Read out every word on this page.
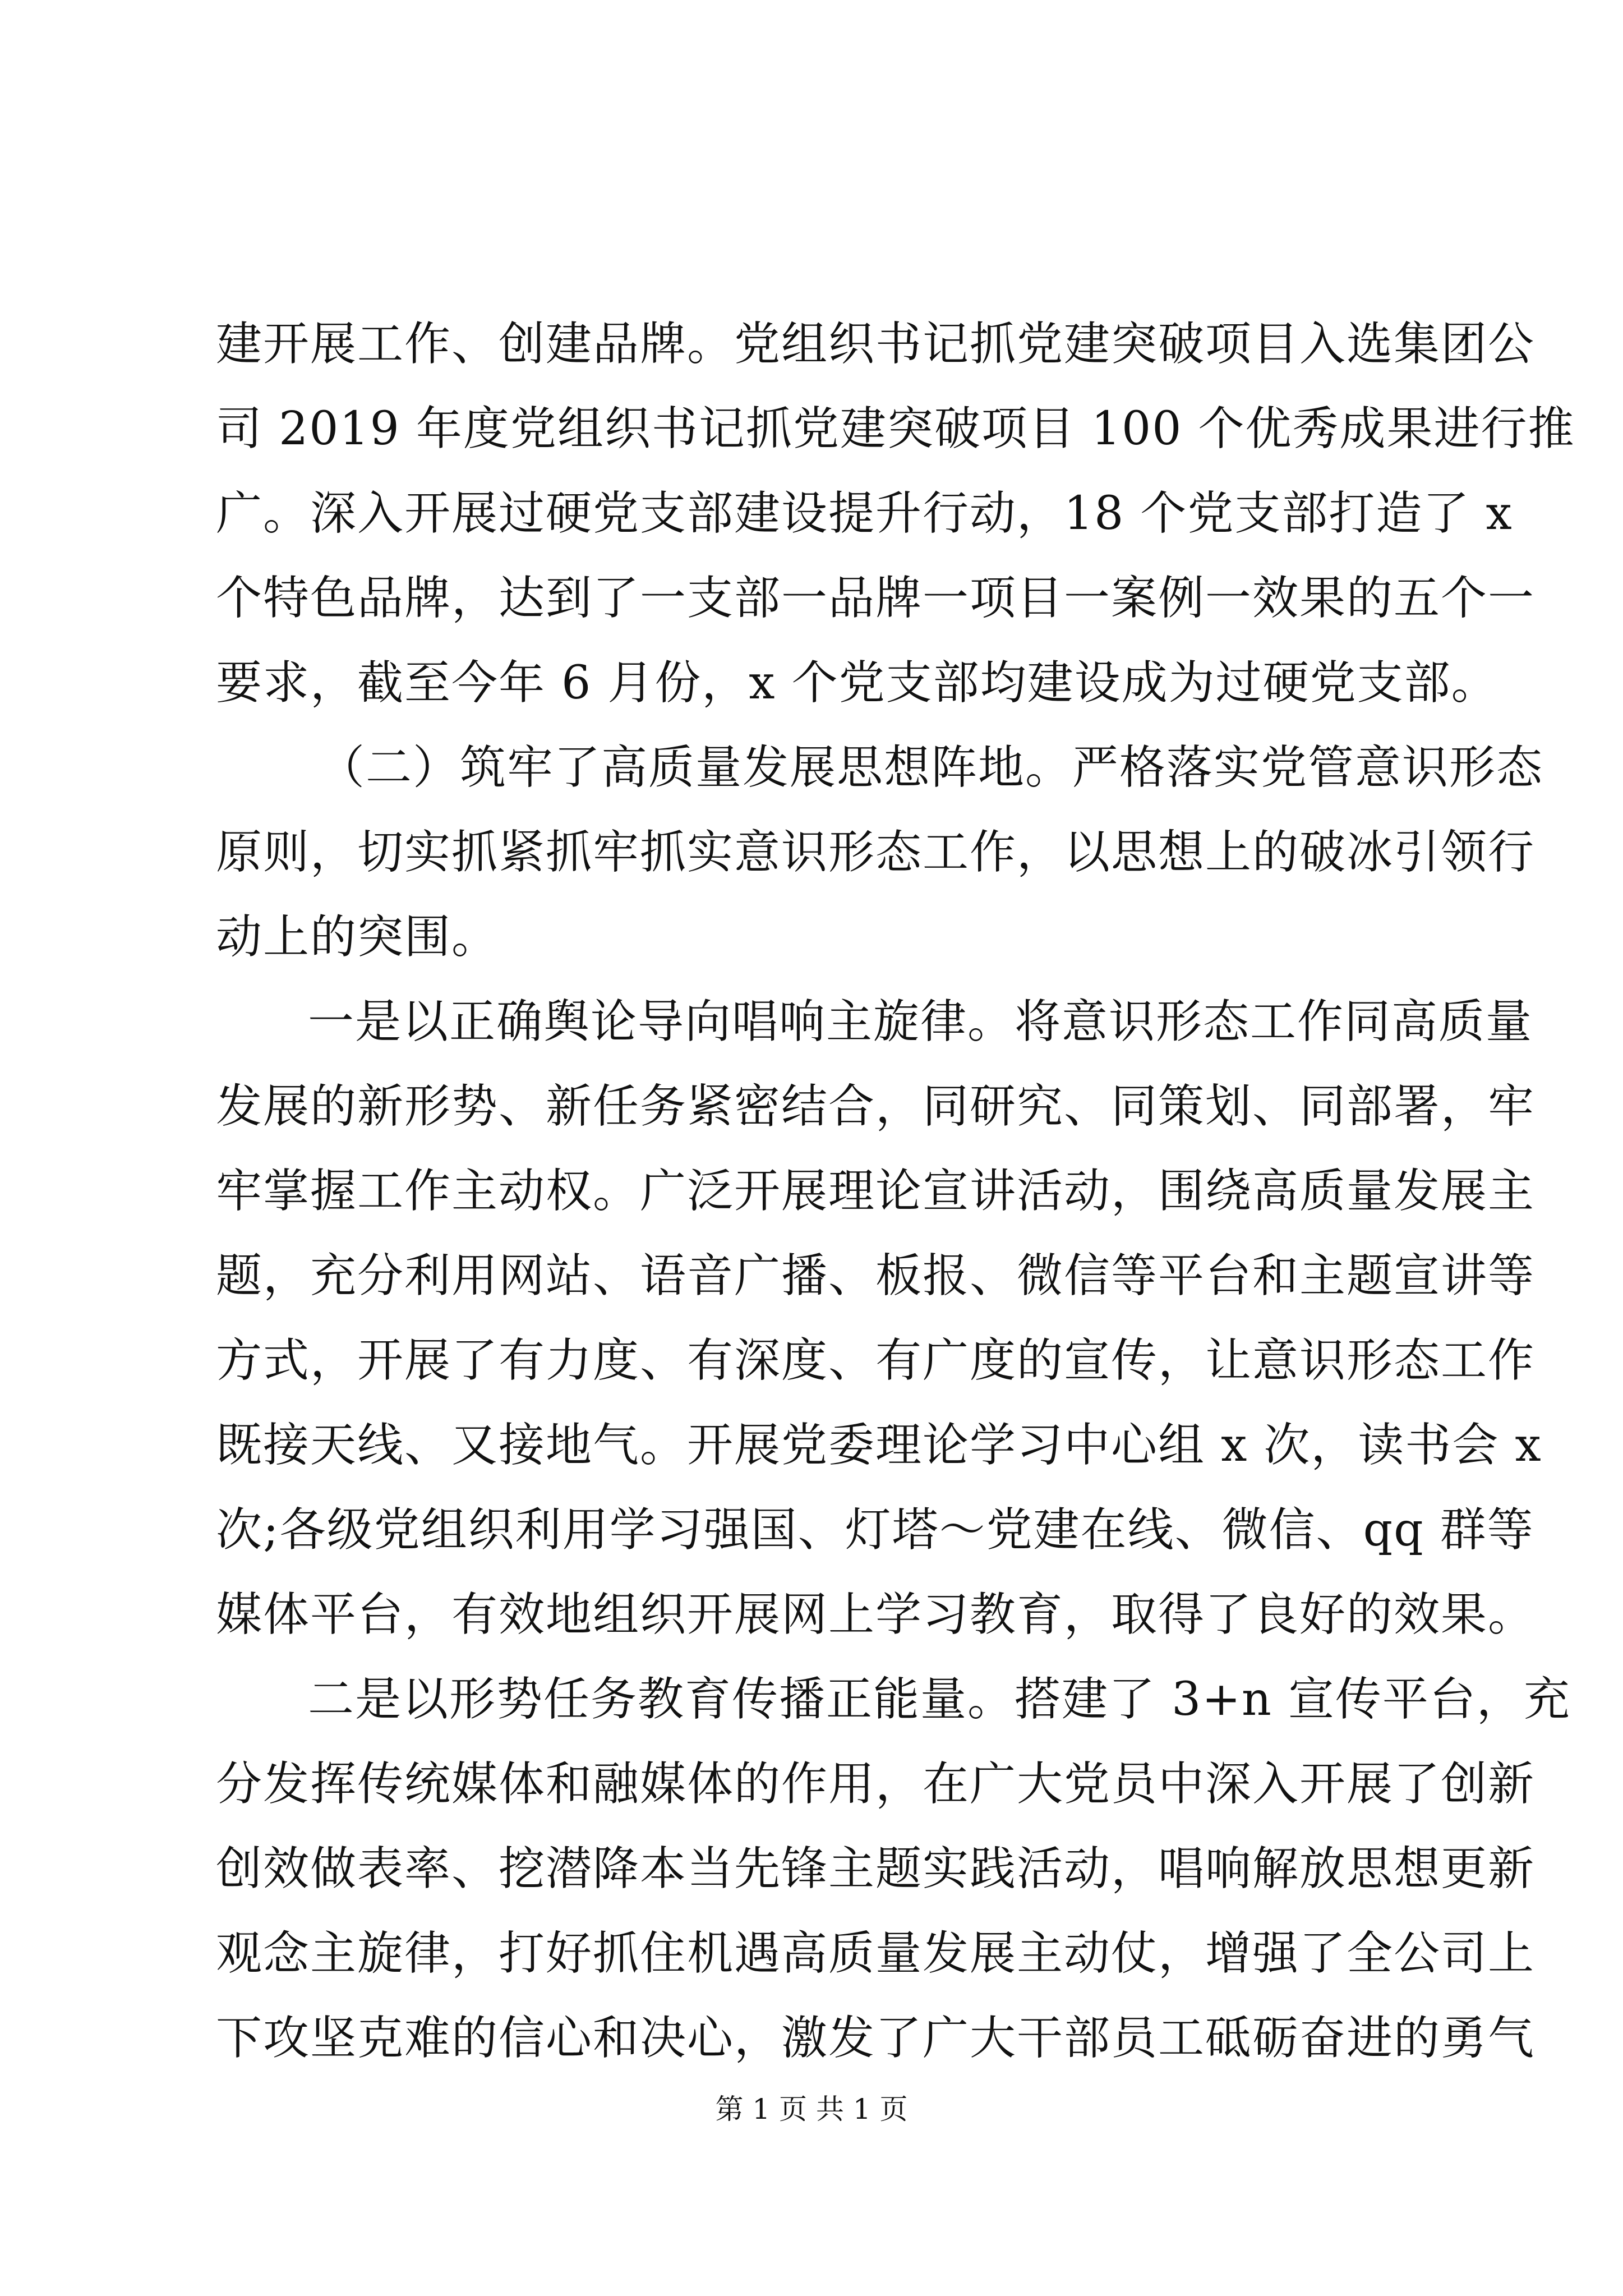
建开展工作、创建品牌。党组织书记抓党建突破项目入选集团公
司 2019 年度党组织书记抓党建突破项目 100 个优秀成果进行推
广。深入开展过硬党支部建设提升行动，18 个党支部打造了 x
个特色品牌，达到了一支部一品牌一项目一案例一效果的五个一
要求，截至今年 6 月份，x 个党支部均建设成为过硬党支部。
（二）筑牢了高质量发展思想阵地。严格落实党管意识形态
原则，切实抓紧抓牢抓实意识形态工作，以思想上的破冰引领行
动上的突围。
一是以正确舆论导向唱响主旋律。将意识形态工作同高质量
发展的新形势、新任务紧密结合，同研究、同策划、同部署，牢
牢掌握工作主动权。广泛开展理论宣讲活动，围绕高质量发展主
题，充分利用网站、语音广播、板报、微信等平台和主题宣讲等
方式，开展了有力度、有深度、有广度的宣传，让意识形态工作
既接天线、又接地气。开展党委理论学习中心组 x 次，读书会 x
次;各级党组织利用学习强国、灯塔～党建在线、微信、qq 群等
媒体平台，有效地组织开展网上学习教育，取得了良好的效果。
二是以形势任务教育传播正能量。搭建了 3+n 宣传平台，充
分发挥传统媒体和融媒体的作用，在广大党员中深入开展了创新
创效做表率、挖潜降本当先锋主题实践活动，唱响解放思想更新
观念主旋律，打好抓住机遇高质量发展主动仗，增强了全公司上
下攻坚克难的信心和决心，激发了广大干部员工砥砺奋进的勇气
第 1 页 共 1 页
